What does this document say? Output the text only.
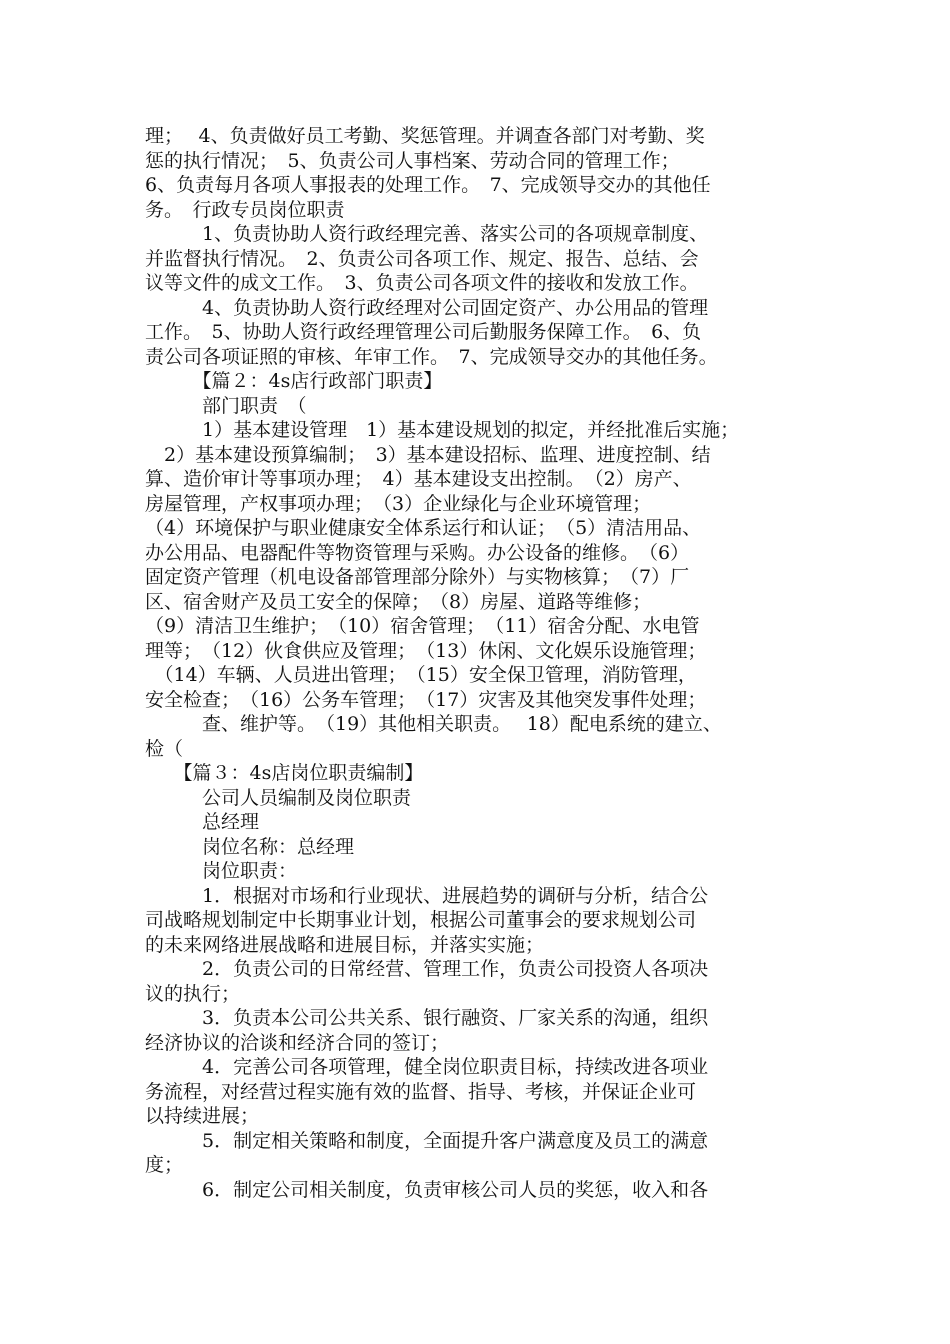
理；　 4、负责做好员工考勤、奖惩管理。并调查各部门对考勤、奖
惩的执行情况；　5、负责公司人事档案、劳动合同的管理工作；
6、负责每月各项人事报表的处理工作。　7、完成领导交办的其他任
务。　行政专员岗位职责
　　　1、负责协助人资行政经理完善、落实公司的各项规章制度、
并监督执行情况。　2、负责公司各项工作、规定、报告、总结、会
议等文件的成文工作。　3、负责公司各项文件的接收和发放工作。
　　　4、负责协助人资行政经理对公司固定资产、办公用品的管理
工作。　5、协助人资行政经理管理公司后勤服务保障工作。　6、负
责公司各项证照的审核、年审工作。　7、完成领导交办的其他任务。
　　　【篇２：4s店行政部门职责】
　　　部门职责　（
　　　1）基本建设管理　1）基本建设规划的拟定，并经批准后实施；
　2）基本建设预算编制；　3）基本建设招标、监理、进度控制、结
算、造价审计等事项办理；　4）基本建设支出控制。　（2）房产、
房屋管理，产权事项办理；　（3）企业绿化与企业环境管理；
（4）环境保护与职业健康安全体系运行和认证；　（5）清洁用品、
办公用品、电器配件等物资管理与采购。办公设备的维修。　（6）
固定资产管理（机电设备部管理部分除外）与实物核算；　（7）厂
区、宿舍财产及员工安全的保障；　（8）房屋、道路等维修；
（9）清洁卫生维护；　（10）宿舍管理；　（11）宿舍分配、水电管
理等；　（12）伙食供应及管理；　（13）休闲、文化娱乐设施管理；
　（14）车辆、人员进出管理；　（15）安全保卫管理，消防管理，
安全检查；　（16）公务车管理；　（17）灾害及其他突发事件处理；
　　　查、维护等。　（19）其他相关职责。　 18）配电系统的建立、
检（
　　【篇３：4s店岗位职责编制】
　　　公司人员编制及岗位职责
　　　总经理
　　　岗位名称：总经理
　　　岗位职责：
　　　1．根据对市场和行业现状、进展趋势的调研与分析，结合公
司战略规划制定中长期事业计划，根据公司董事会的要求规划公司
的未来网络进展战略和进展目标，并落实实施；
　　　2．负责公司的日常经营、管理工作，负责公司投资人各项决
议的执行；
　　　3．负责本公司公共关系、银行融资、厂家关系的沟通，组织
经济协议的洽谈和经济合同的签订；
　　　4．完善公司各项管理，健全岗位职责目标，持续改进各项业
务流程，对经营过程实施有效的监督、指导、考核，并保证企业可
以持续进展；
　　　5．制定相关策略和制度，全面提升客户满意度及员工的满意
度；
　　　6．制定公司相关制度，负责审核公司人员的奖惩，收入和各
